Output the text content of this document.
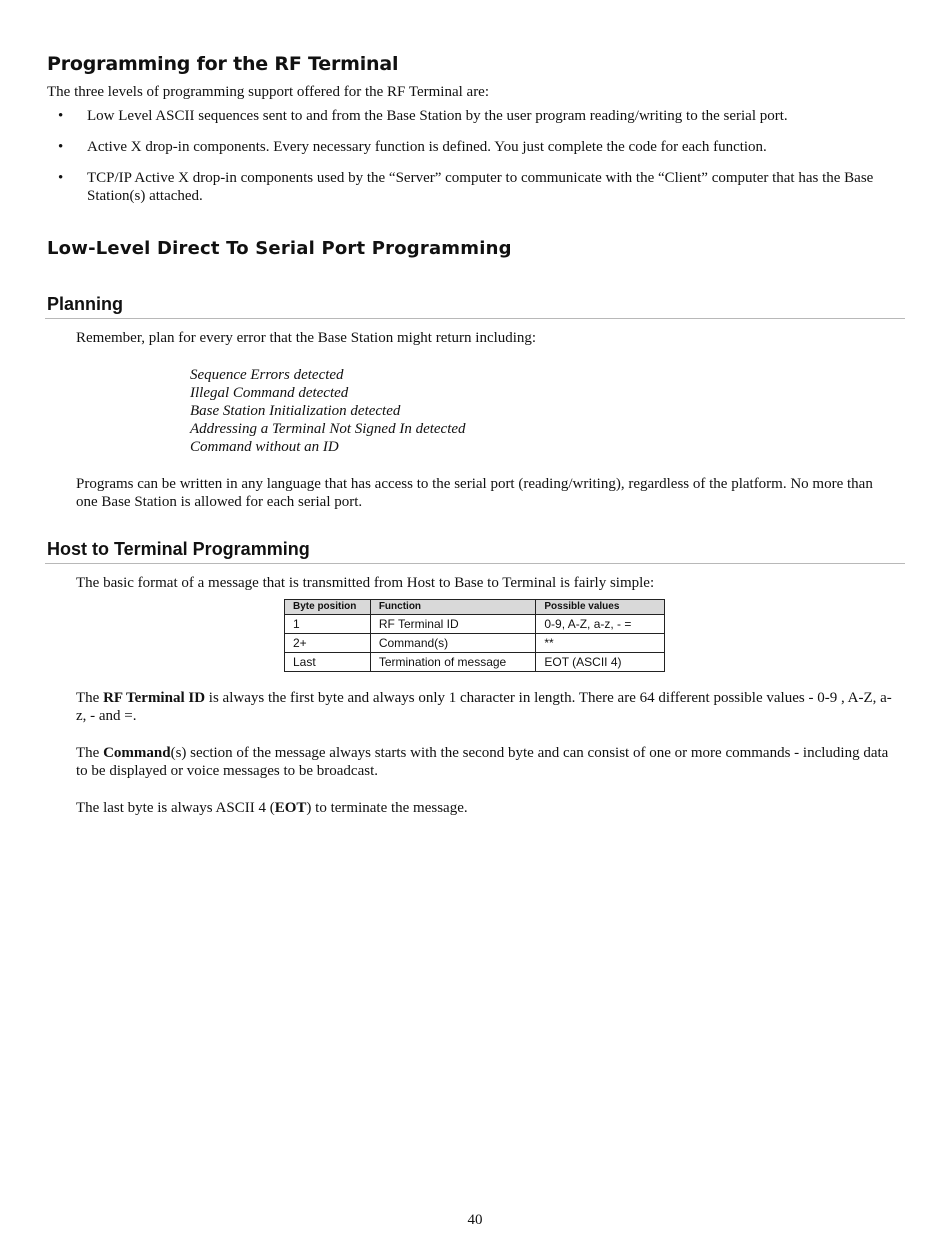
Programming for the RF Terminal

The three levels of programming support offered for the RF Terminal are:

• Low Level ASCII sequences sent to and from the Base Station by the user program reading/writing to the serial port.
• Active X drop-in components. Every necessary function is defined. You just complete the code for each function.
• TCP/IP Active X drop-in components used by the “Server” computer to communicate with the “Client” computer that has the Base Station(s) attached.
Low-Level Direct To Serial Port Programming
Planning

Remember, plan for every error that the Base Station might return including:

Sequence Errors detected
Illegal Command detected
Base Station Initialization detected
Addressing a Terminal Not Signed In detected
Command without an ID

Programs can be written in any language that has access to the serial port (reading/writing), regardless of the platform. No more than one Base Station is allowed for each serial port.

Host to Terminal Programming

The basic format of a message that is transmitted from Host to Base to Terminal is fairly simple:

Byte position	Function	Possible values
1	RF Terminal ID	0-9, A-Z, a-z, - =
2+	Command(s)	**
Last	Termination of message	EOT (ASCII 4)

The RF Terminal ID is always the first byte and always only 1 character in length. There are 64 different possible values - 0-9 , A-Z, a-z, - and =.

The Command(s) section of the message always starts with the second byte and can consist of one or more commands - including data to be displayed or voice messages to be broadcast.

The last byte is always ASCII 4 (EOT) to terminate the message.

40
